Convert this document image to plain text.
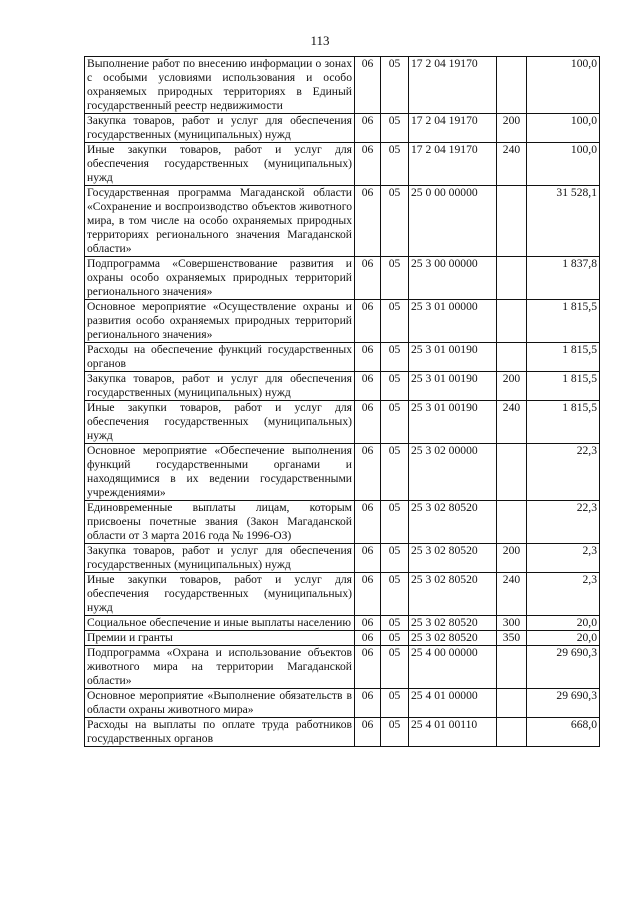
113
Выполнение работ по внесению информации о зонах с особыми условиями использования и особо охраняемых природных территориях в Единый государственный реестр недвижимости	06	05	17 2 04 19170		100,0
Закупка товаров, работ и услуг для обеспечения государственных (муниципальных) нужд	06	05	17 2 04 19170	200	100,0
Иные закупки товаров, работ и услуг для обеспечения государственных (муниципальных) нужд	06	05	17 2 04 19170	240	100,0
Государственная программа Магаданской области «Сохранение и воспроизводство объектов животного мира, в том числе на особо охраняемых природных территориях регионального значения Магаданской области»	06	05	25 0 00 00000		31 528,1
Подпрограмма «Совершенствование развития и охраны особо охраняемых природных территорий регионального значения»	06	05	25 3 00 00000		1 837,8
Основное мероприятие «Осуществление охраны и развития особо охраняемых природных территорий регионального значения»	06	05	25 3 01 00000		1 815,5
Расходы на обеспечение функций государственных органов	06	05	25 3 01 00190		1 815,5
Закупка товаров, работ и услуг для обеспечения государственных (муниципальных) нужд	06	05	25 3 01 00190	200	1 815,5
Иные закупки товаров, работ и услуг для обеспечения государственных (муниципальных) нужд	06	05	25 3 01 00190	240	1 815,5
Основное мероприятие «Обеспечение выполнения функций государственными органами и находящимися в их ведении государственными учреждениями»	06	05	25 3 02 00000		22,3
Единовременные выплаты лицам, которым присвоены почетные звания (Закон Магаданской области от 3 марта 2016 года № 1996-ОЗ)	06	05	25 3 02 80520		22,3
Закупка товаров, работ и услуг для обеспечения государственных (муниципальных) нужд	06	05	25 3 02 80520	200	2,3
Иные закупки товаров, работ и услуг для обеспечения государственных (муниципальных) нужд	06	05	25 3 02 80520	240	2,3
Социальное обеспечение и иные выплаты населению	06	05	25 3 02 80520	300	20,0
Премии и гранты	06	05	25 3 02 80520	350	20,0
Подпрограмма «Охрана и использование объектов животного мира на территории Магаданской области»	06	05	25 4 00 00000		29 690,3
Основное мероприятие «Выполнение обязательств в области охраны животного мира»	06	05	25 4 01 00000		29 690,3
Расходы на выплаты по оплате труда работников государственных органов	06	05	25 4 01 00110		668,0
